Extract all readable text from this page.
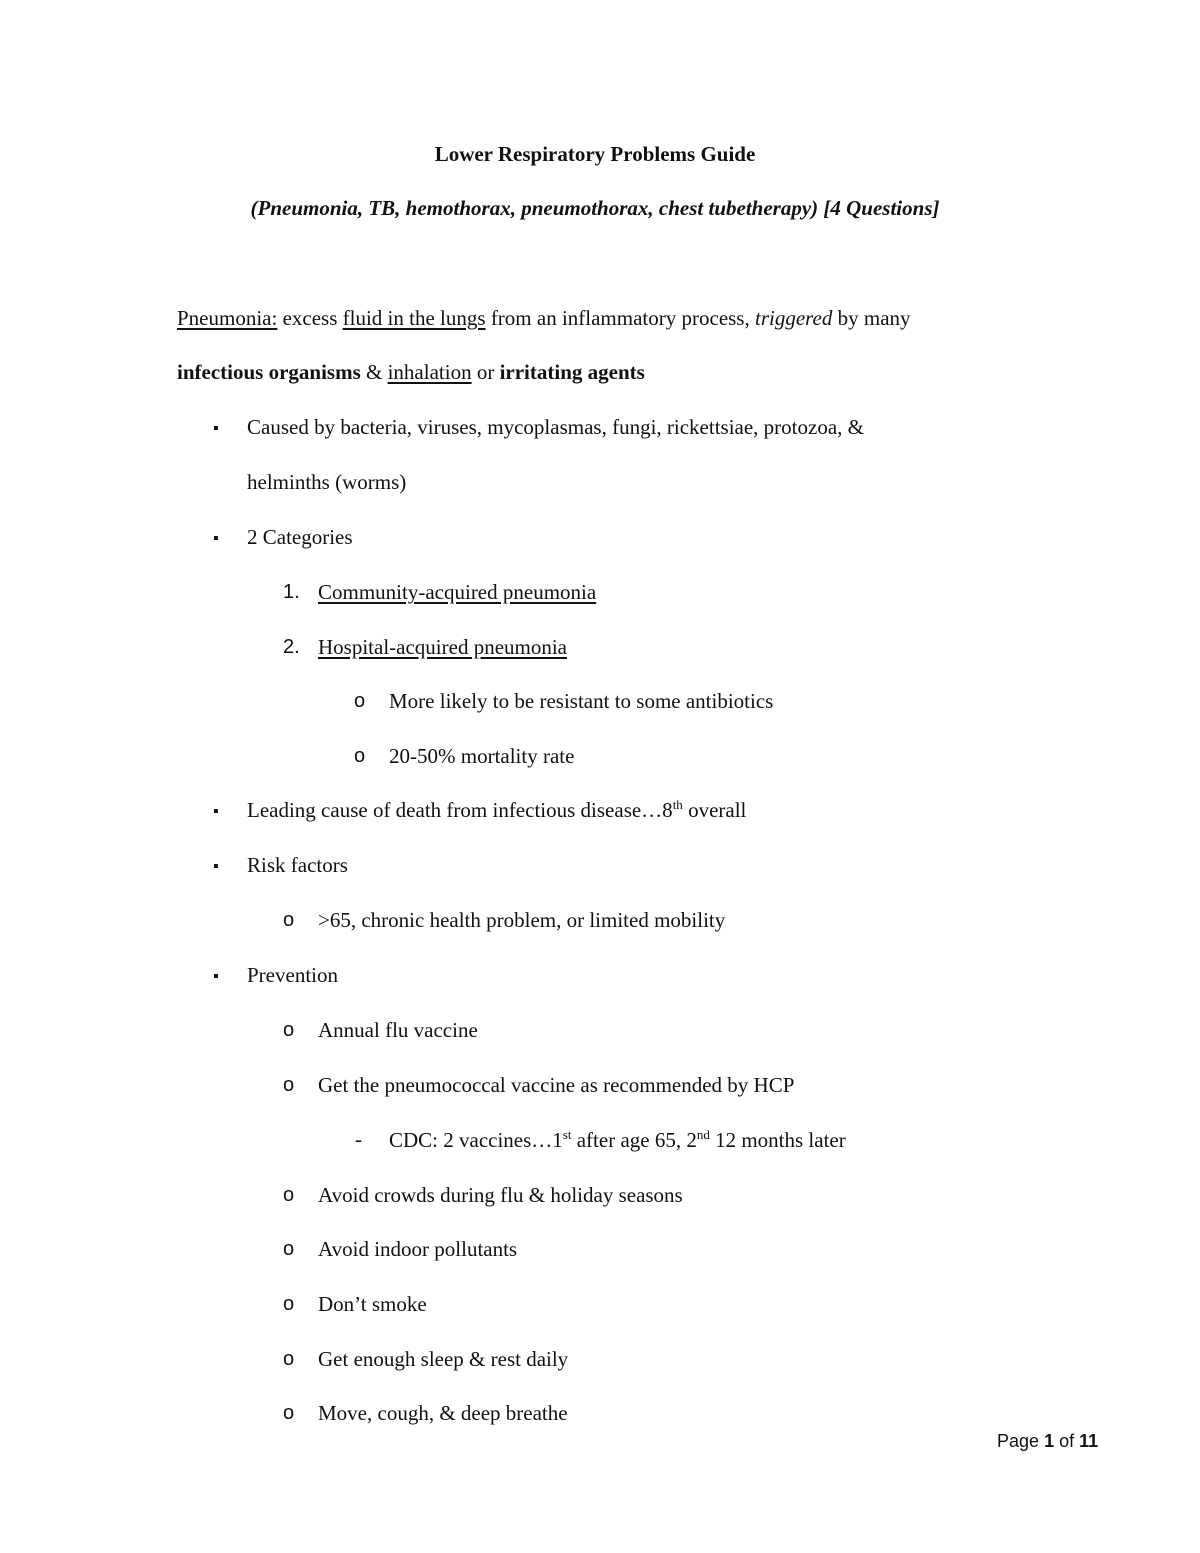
Lower Respiratory Problems Guide
(Pneumonia, TB, hemothorax, pneumothorax, chest tubetherapy) [4 Questions]
Pneumonia: excess fluid in the lungs from an inflammatory process, triggered by many
infectious organisms & inhalation or irritating agents
▪ Caused by bacteria, viruses, mycoplasmas, fungi, rickettsiae, protozoa, &
helminths (worms)
▪ 2 Categories
1. Community-acquired pneumonia
2. Hospital-acquired pneumonia
o More likely to be resistant to some antibiotics
o 20-50% mortality rate
▪ Leading cause of death from infectious disease…8th overall
▪ Risk factors
o >65, chronic health problem, or limited mobility
▪ Prevention
o Annual flu vaccine
o Get the pneumococcal vaccine as recommended by HCP
- CDC: 2 vaccines…1st after age 65, 2nd 12 months later
o Avoid crowds during flu & holiday seasons
o Avoid indoor pollutants
o Don’t smoke
o Get enough sleep & rest daily
o Move, cough, & deep breathe
Page 1 of 11
